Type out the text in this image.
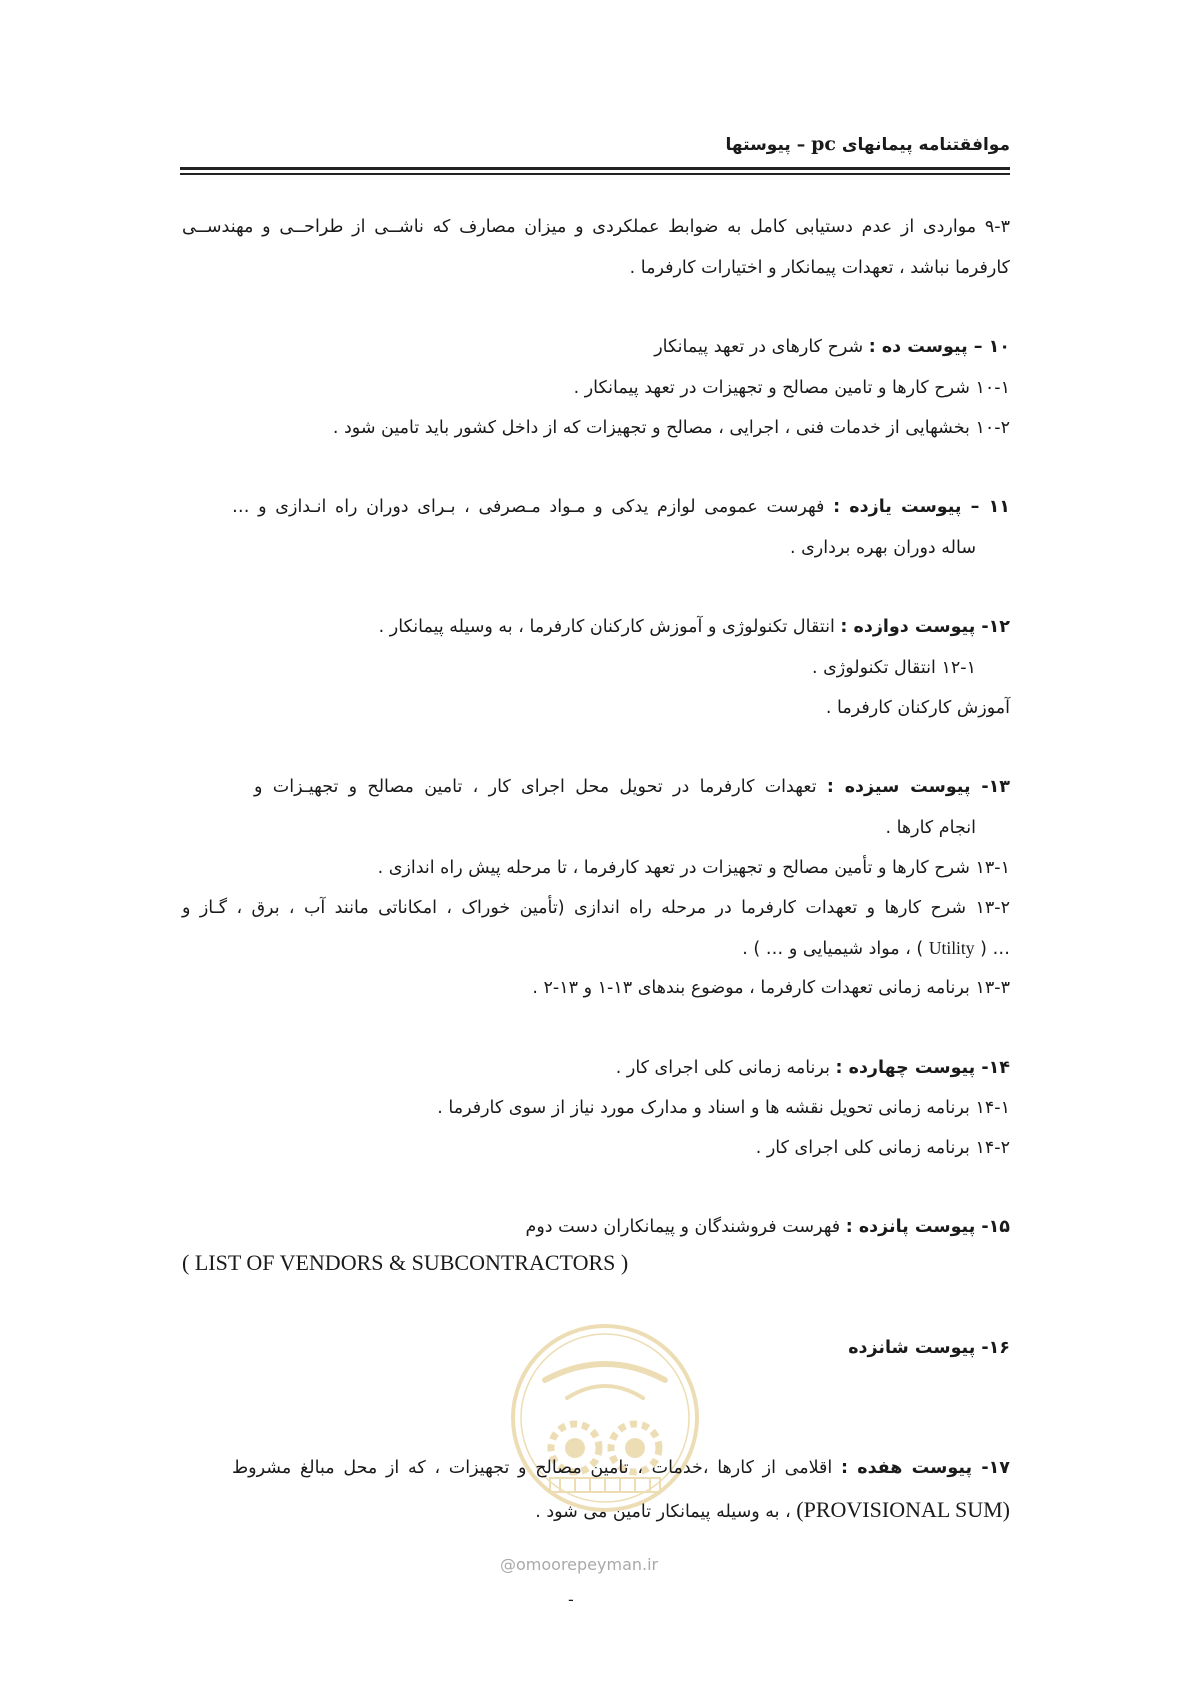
موافقتنامه پیمانهای pc – پیوستها
۹-۳ مواردی از عدم دستیابی کامل به ضوابط عملکردی و میزان مصارف که ناشــی از طراحــی و مهندســی
کارفرما نباشد ، تعهدات پیمانکار و اختیارات کارفرما .
۱۰ – پیوست ده : شرح کارهای در تعهد پیمانکار
۱۰-۱ شرح کارها و تامین مصالح و تجهیزات در تعهد پیمانکار .
۱۰-۲ بخشهایی از خدمات فنی ، اجرایی ، مصالح و تجهیزات که از داخل کشور باید تامین شود .
۱۱ – پیوست یازده : فهرست عمومی لوازم یدکی و مـواد مـصرفی ، بـرای دوران راه انـدازی و …
ساله دوران بهره برداری .
۱۲- پیوست دوازده : انتقال تکنولوژی و آموزش کارکنان کارفرما ، به وسیله پیمانکار .
۱۲-۱ انتقال تکنولوژی .
آموزش کارکنان کارفرما .
۱۳- پیوست سیزده : تعهدات کارفرما در تحویل محل اجرای کار ، تامین مصالح و تجهیـزات و
انجام کارها .
۱۳-۱ شرح کارها و تأمین مصالح و تجهیزات در تعهد کارفرما ، تا مرحله پیش راه اندازی .
۱۳-۲ شرح کارها و تعهدات کارفرما در مرحله راه اندازی (تأمین خوراک ، امکاناتی مانند آب ، برق ، گـاز و
… ( Utility ) ، مواد شیمیایی و … ) .
۱۳-۳ برنامه زمانی تعهدات کارفرما ، موضوع بندهای ۱۳-۱ و ۱۳-۲ .
۱۴- پیوست چهارده : برنامه زمانی کلی اجرای کار .
۱۴-۱ برنامه زمانی تحویل نقشه ها و اسناد و مدارک مورد نیاز از سوی کارفرما .
۱۴-۲ برنامه زمانی کلی اجرای کار .
۱۵- پیوست پانزده : فهرست فروشندگان و پیمانکاران دست دوم
( LIST OF VENDORS & SUBCONTRACTORS )
۱۶- پیوست شانزده
۱۷- پیوست هفده : اقلامی از کارها ،خدمات ، تامین مصالح و تجهیزات ، که از محل مبالغ مشروط
(PROVISIONAL SUM) ، به وسیله پیمانکار تامین می شود .
@omoorepeyman.ir
-
